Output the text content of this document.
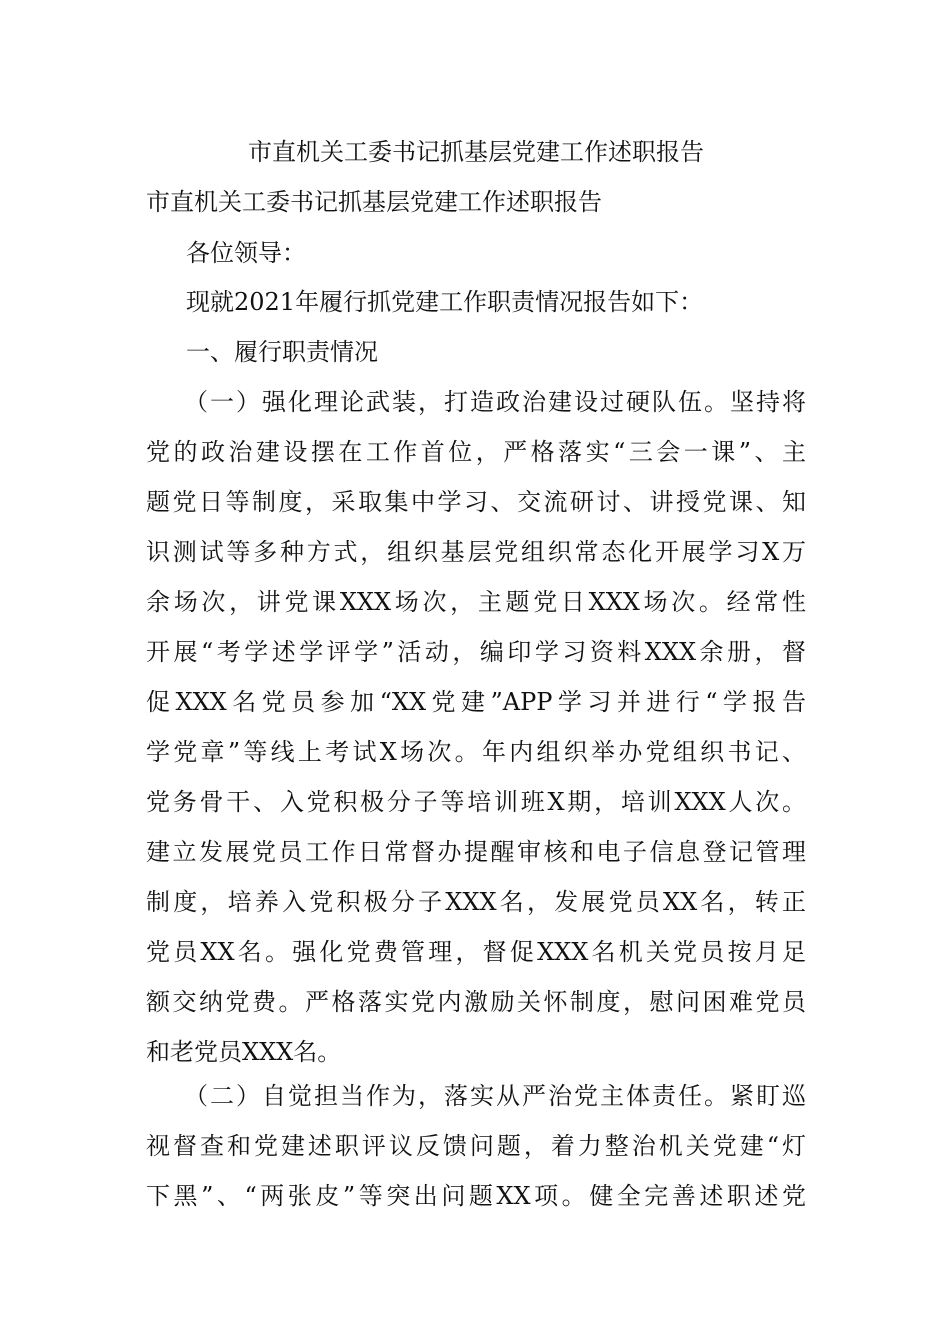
市直机关工委书记抓基层党建工作述职报告

市直机关工委书记抓基层党建工作述职报告

各位领导：

现就2021年履行抓党建工作职责情况报告如下：

一、履行职责情况

（一）强化理论武装，打造政治建设过硬队伍。坚持将
党的政治建设摆在工作首位，严格落实“三会一课”、主
题党日等制度，采取集中学习、交流研讨、讲授党课、知
识测试等多种方式，组织基层党组织常态化开展学习X万
余场次，讲党课XXX场次，主题党日XXX场次。经常性
开展“考学述学评学”活动，编印学习资料XXX余册，督
促XXX名党员参加“XX党建”APP学习并进行“学报告
学党章”等线上考试X场次。年内组织举办党组织书记、
党务骨干、入党积极分子等培训班X期，培训XXX人次。
建立发展党员工作日常督办提醒审核和电子信息登记管理
制度，培养入党积极分子XXX名，发展党员XX名，转正
党员XX名。强化党费管理，督促XXX名机关党员按月足
额交纳党费。严格落实党内激励关怀制度，慰问困难党员
和老党员XXX名。
（二）自觉担当作为，落实从严治党主体责任。紧盯巡
视督查和党建述职评议反馈问题，着力整治机关党建“灯
下黑”、“两张皮”等突出问题XX项。健全完善述职述党
